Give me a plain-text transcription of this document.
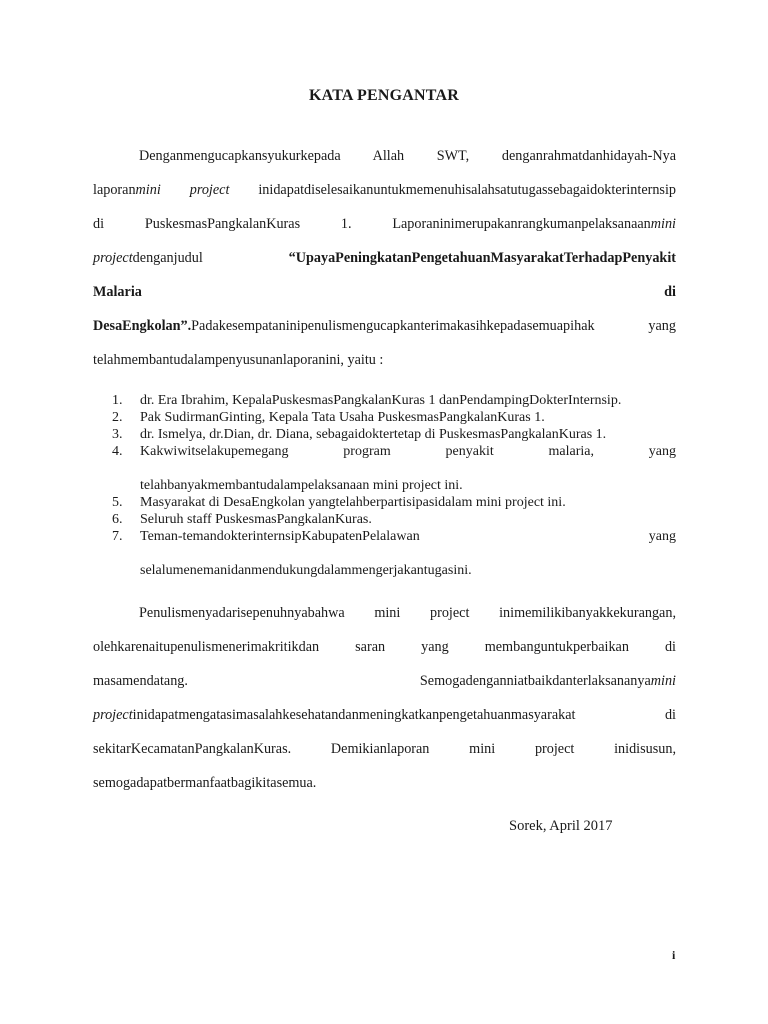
KATA PENGANTAR
Denganmengucapkansyukurkepada Allah SWT, denganrahmatdanhidayah-Nya
laporanmini project inidapatdiselesaikanuntukmemenuhisalahsatutugassebagaidokterinternsip
di PuskesmasPangkalanKuras 1. Laporaninimerupakanrangkumanpelaksanaanmini
projectdenganjudul	“UpayaPeningkatanPengetahuanMasyarakatTerhadapPenyakit
Malaria di
DesaEngkolan”.Padakesempataninipenulismengucapkanterimakasihkepadasemuapihak yang
telahmembantudalampenyusunanlaporanini, yaitu :
1. dr. Era Ibrahim, KepalaPuskesmasPangkalanKuras 1 danPendampingDokterInternsip.
2. Pak SudirmanGinting, Kepala Tata Usaha PuskesmasPangkalanKuras 1.
3. dr. Ismelya, dr.Dian, dr. Diana, sebagaidoktertetap di PuskesmasPangkalanKuras 1.
4. Kakwiwitselakupemegang program penyakit malaria, yang
telahbanyakmembantudalampelaksanaan mini project ini.
5. Masyarakat di DesaEngkolan yangtelahberpartisipasidalam mini project ini.
6. Seluruh staff PuskesmasPangkalanKuras.
7. Teman-temandokterinternsipKabupatenPelalawan yang
selalumenemanidanmendukungdalammengerjakantugasini.
Penulismenyadarisepenuhnyabahwa mini project inimemilikibanyakkekurangan,
olehkarenaitupenulismenerimakritikdan saran yang membanguntukperbaikan di
masamendatang. Semogadenganniatbaikdanterlaksananyamini
projectinidapatmengatasimasalahkesehatandanmeningkatkanpengetahuanmasyarakat di
sekitarKecamatanPangkalanKuras. Demikianlaporan mini project inidisusun,
semogadapatbermanfaatbagikitasemua.
Sorek, April 2017
i
